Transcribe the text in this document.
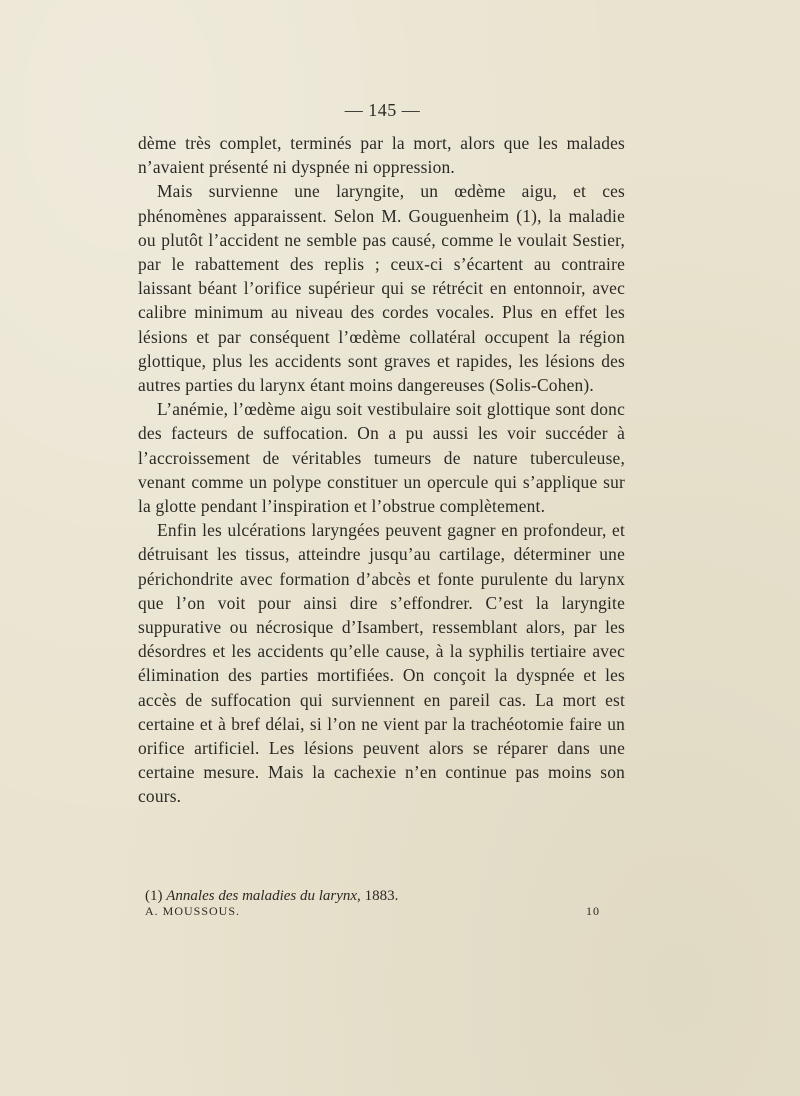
— 145 —

dème très complet, terminés par la mort, alors que les malades n’avaient présenté ni dyspnée ni oppression.

Mais survienne une laryngite, un œdème aigu, et ces phénomènes apparaissent. Selon M. Gouguenheim (1), la maladie ou plutôt l’accident ne semble pas causé, comme le voulait Sestier, par le rabattement des replis ; ceux-ci s’écartent au contraire laissant béant l’orifice supérieur qui se rétrécit en entonnoir, avec calibre minimum au niveau des cordes vocales. Plus en effet les lésions et par conséquent l’œdème collatéral occupent la région glottique, plus les accidents sont graves et rapides, les lésions des autres parties du larynx étant moins dangereuses (Solis-Cohen).

L’anémie, l’œdème aigu soit vestibulaire soit glottique sont donc des facteurs de suffocation. On a pu aussi les voir succéder à l’accroissement de véritables tumeurs de nature tuberculeuse, venant comme un polype constituer un opercule qui s’applique sur la glotte pendant l’inspiration et l’obstrue complètement.

Enfin les ulcérations laryngées peuvent gagner en profondeur, et détruisant les tissus, atteindre jusqu’au cartilage, déterminer une périchondrite avec formation d’abcès et fonte purulente du larynx que l’on voit pour ainsi dire s’effondrer. C’est la laryngite suppurative ou nécrosique d’Isambert, ressemblant alors, par les désordres et les accidents qu’elle cause, à la syphilis tertiaire avec élimination des parties mortifiées. On conçoit la dyspnée et les accès de suffocation qui surviennent en pareil cas. La mort est certaine et à bref délai, si l’on ne vient par la trachéotomie faire un orifice artificiel. Les lésions peuvent alors se réparer dans une certaine mesure. Mais la cachexie n’en continue pas moins son cours.

(1) Annales des maladies du larynx, 1883.
A. MOUSSOUS.	10
